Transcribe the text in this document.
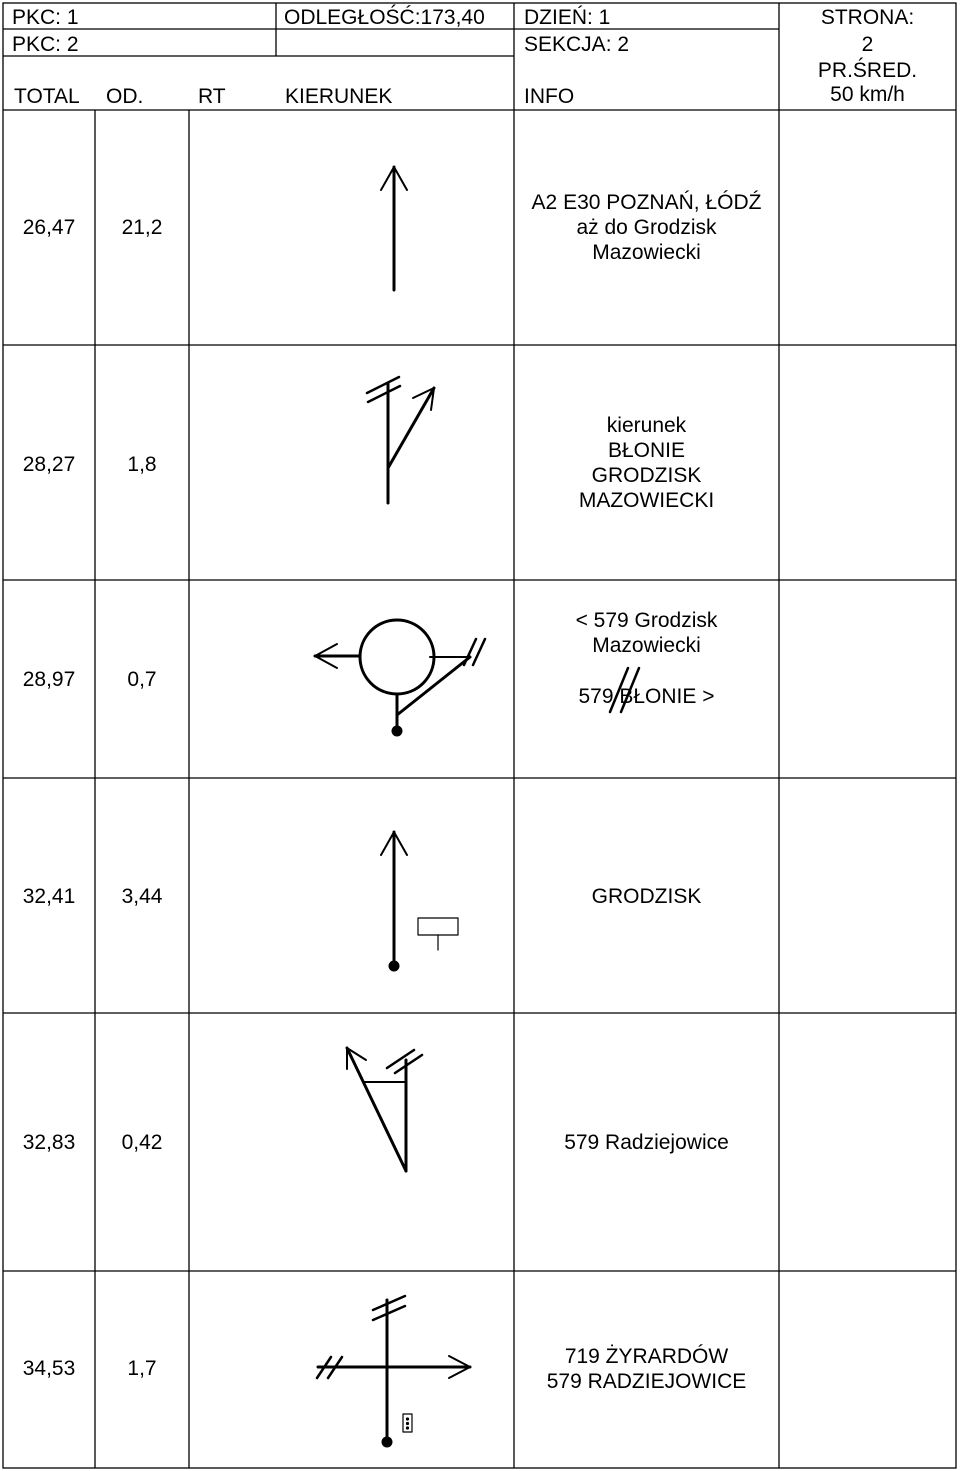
PKC: 1
PKC: 2
ODLEGŁOŚĆ:173,40 DZIEŃ: 1
SEKCJA: 2
STRONA:
2
PR.ŚRED.
50 km/h
TOTAL OD.	RT	KIERUNEK	INFO
26,47	21,2
A2 E30 POZNAŃ, ŁÓDŹ
aż do Grodzisk
Mazowiecki
28,27	1,8
kierunek
BŁONIE
GRODZISK
MAZOWIECKI
28,97	0,7
< 579 Grodzisk
Mazowiecki
579 BŁONIE >
32,41	3,44	GRODZISK
32,83	0,42	579 Radziejowice
34,53	1,7
719 ŻYRARDÓW
579 RADZIEJOWICE
